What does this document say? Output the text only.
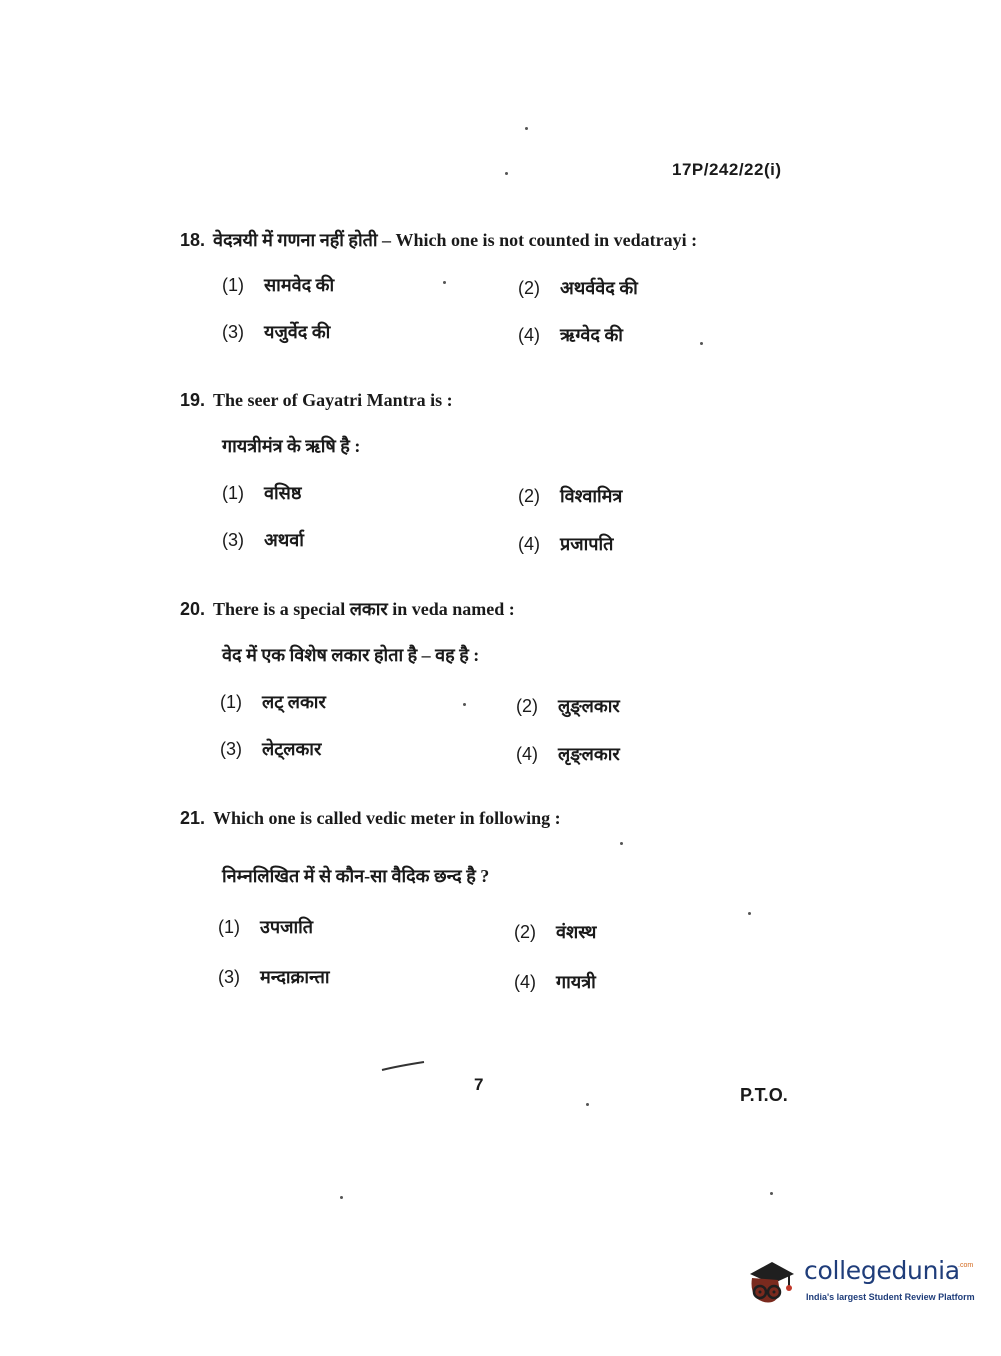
17P/242/22(i)
18. वेदत्रयी में गणना नहीं होती – Which one is not counted in vedatrayi :
(1) सामवेद की	(2) अथर्ववेद की
(3) यजुर्वेद की	(4) ऋग्वेद की
19. The seer of Gayatri Mantra is :
गायत्रीमंत्र के ऋषि है :
(1) वसिष्ठ	(2) विश्वामित्र
(3) अथर्वा	(4) प्रजापति
20. There is a special लकार in veda named :
वेद में एक विशेष लकार होता है – वह है :
(1) लट् लकार	(2) लुङ्लकार
(3) लेट्लकार	(4) लृङ्लकार
21. Which one is called vedic meter in following :
निम्नलिखित में से कौन-सा वैदिक छन्द है ?
(1) उपजाति	(2) वंशस्थ
(3) मन्दाक्रान्ता	(4) गायत्री
7
P.T.O.
collegedunia
.com
India's largest Student Review Platform
